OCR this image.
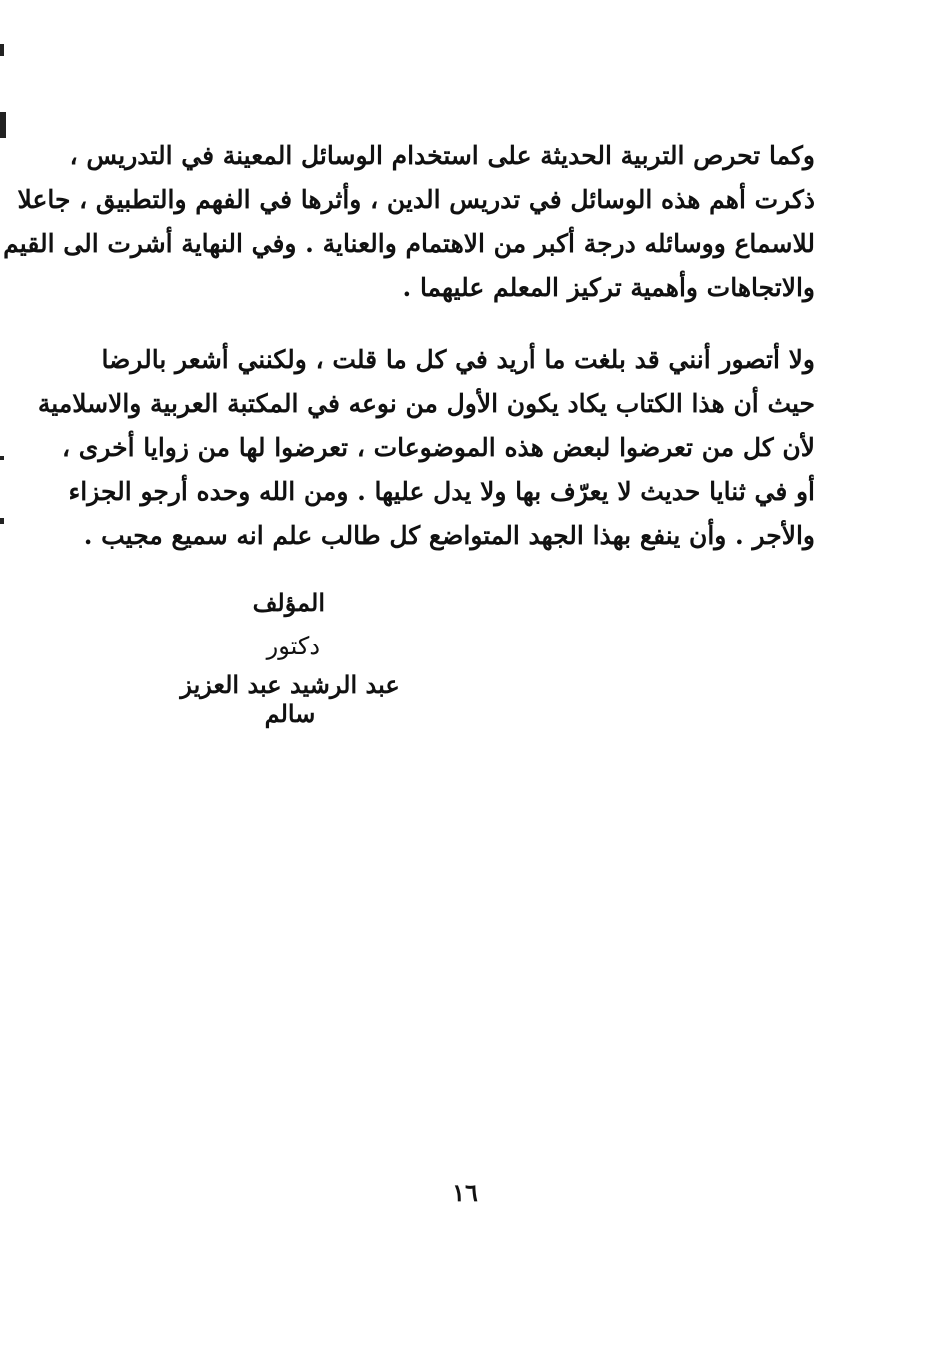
وكما تحرص التربية الحديثة على استخدام الوسائل المعينة في التدريس ،
ذكرت أهم هذه الوسائل في تدريس الدين ، وأثرها في الفهم والتطبيق ، جاعلا
للاسماع ووسائله درجة أكبر من الاهتمام والعناية . وفي النهاية أشرت الى القيم
والاتجاهات وأهمية تركيز المعلم عليهما .
ولا أتصور أنني قد بلغت ما أريد في كل ما قلت ، ولكنني أشعر بالرضا
حيث أن هذا الكتاب يكاد يكون الأول من نوعه في المكتبة العربية والاسلامية
لأن كل من تعرضوا لبعض هذه الموضوعات ، تعرضوا لها من زوايا أخرى ،
أو في ثنايا حديث لا يعرّف بها ولا يدل عليها . ومن الله وحده أرجو الجزاء
والأجر . وأن ينفع بهذا الجهد المتواضع كل طالب علم انه سميع مجيب .
المؤلف
دكتور
عبد الرشيد عبد العزيز سالم
١٦
